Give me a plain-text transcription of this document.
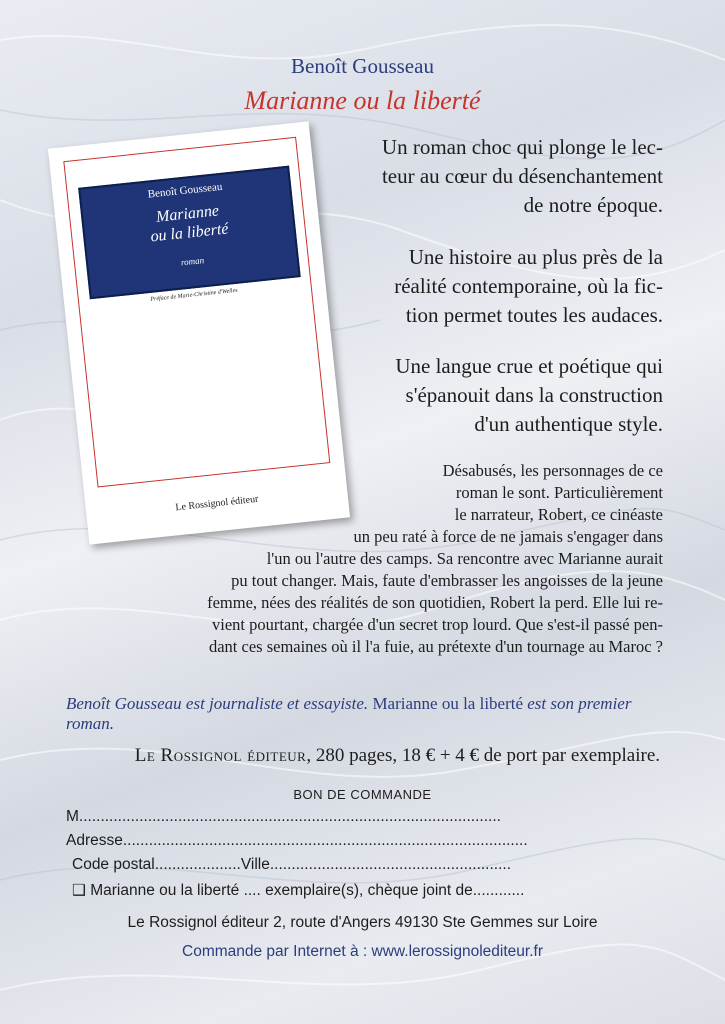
Benoît Gousseau
Marianne ou la liberté
Benoît Gousseau
Marianne
ou la liberté
roman
Préface de Marie-Christine d'Welles
Le Rossignol éditeur
Un roman choc qui plonge le lec-
teur au cœur du désenchantement
de notre époque.
Une histoire au plus près de la
réalité contemporaine, où la fic-
tion permet toutes les audaces.
Une langue crue et poétique qui
s'épanouit dans la construction
d'un authentique style.
Désabusés, les personnages de ce
roman le sont. Particulièrement
le narrateur, Robert, ce cinéaste
un peu raté à force de ne jamais s'engager dans
l'un ou l'autre des camps. Sa rencontre avec Marianne aurait
pu tout changer. Mais, faute d'embrasser les angoisses de la jeune
femme, nées des réalités de son quotidien, Robert la perd. Elle lui re-
vient pourtant, chargée d'un secret trop lourd. Que s'est-il passé pen-
dant ces semaines où il l'a fuie, au prétexte d'un tournage au Maroc ?
Benoît Gousseau est journaliste et essayiste. Marianne ou la liberté est son premier roman.
Le Rossignol éditeur, 280 pages, 18 € + 4 € de port par exemplaire.
BON DE COMMANDE
M..................................................................................................
Adresse..............................................................................................
Code postal....................Ville........................................................
❑ Marianne ou la liberté .... exemplaire(s), chèque joint de............
Le Rossignol éditeur 2, route d'Angers 49130 Ste Gemmes sur Loire
Commande par Internet à : www.lerossignolediteur.fr
